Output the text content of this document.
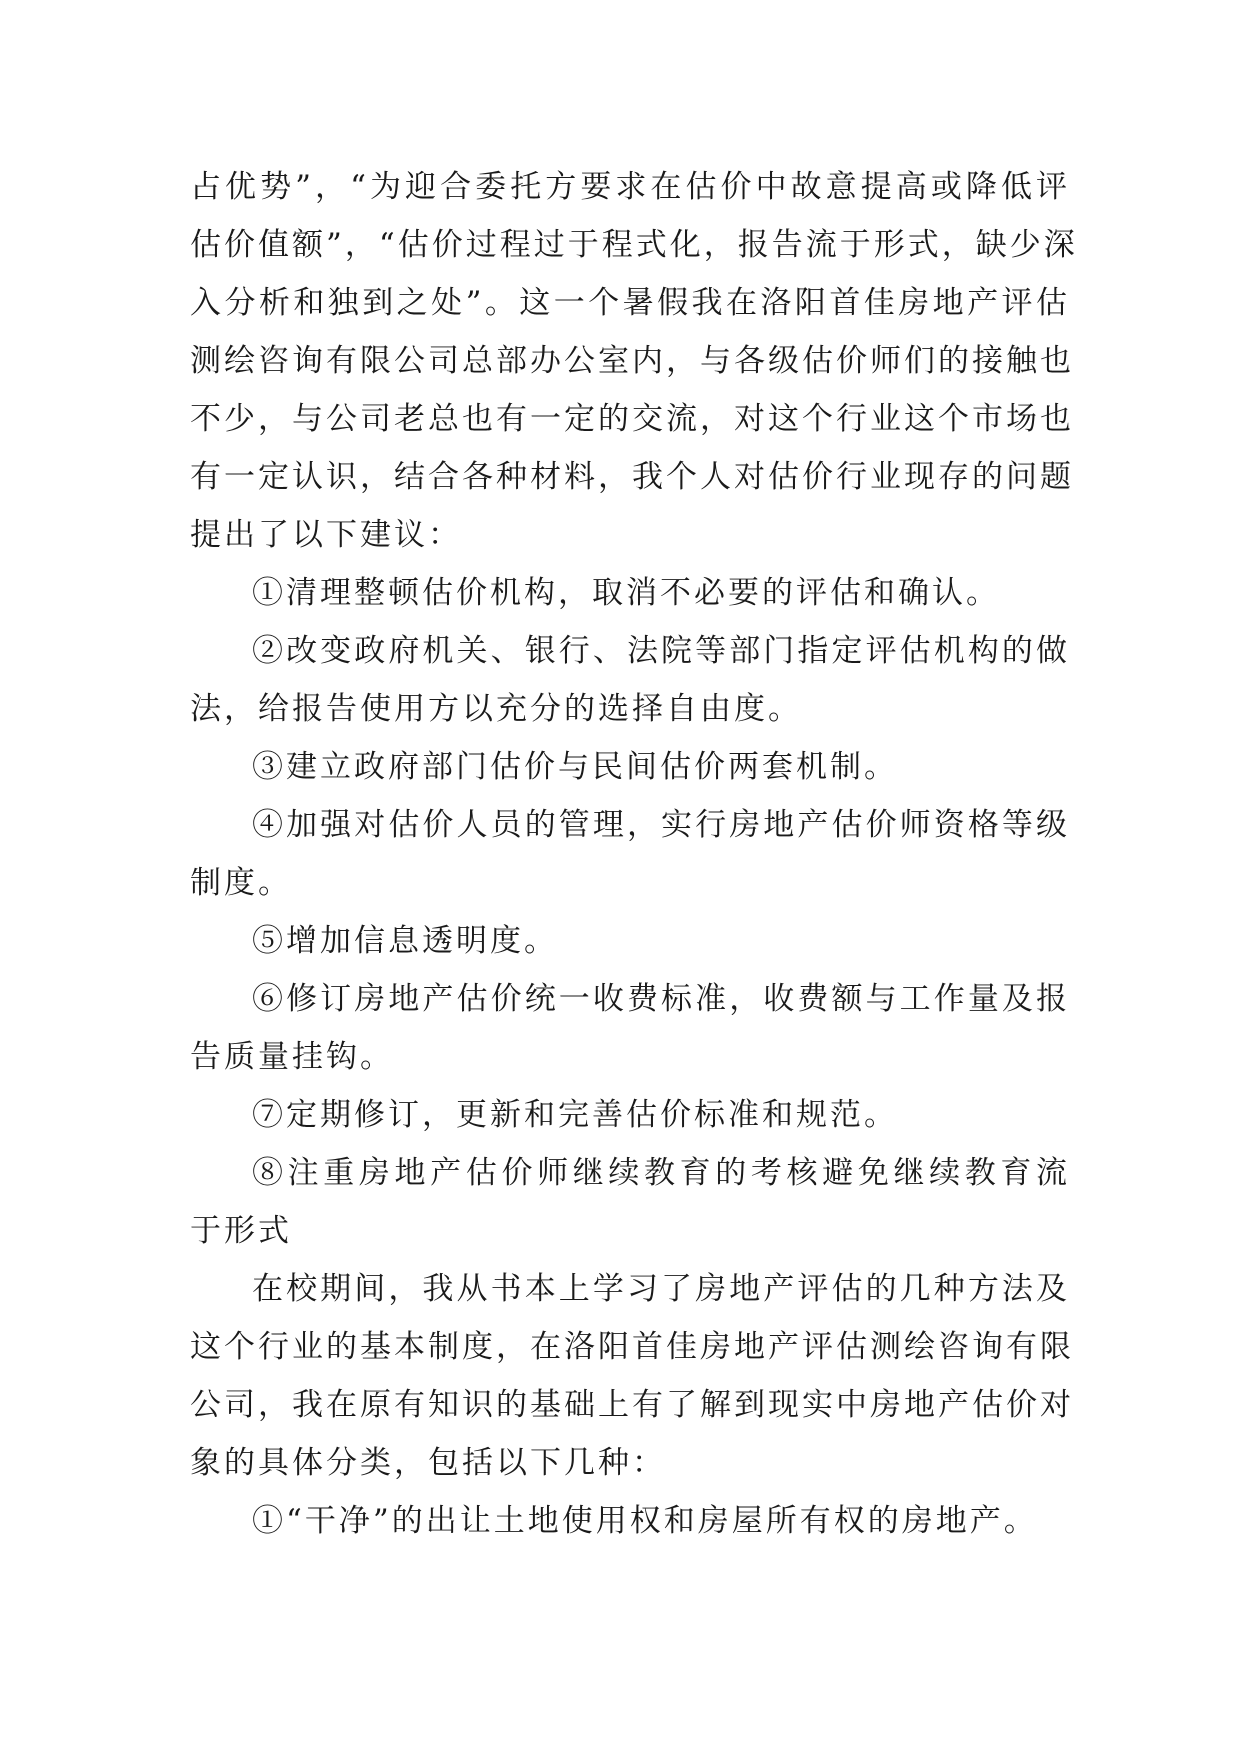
占优势”，“为迎合委托方要求在估价中故意提高或降低评
估价值额”，“估价过程过于程式化，报告流于形式，缺少深
入分析和独到之处”。这一个暑假我在洛阳首佳房地产评估
测绘咨询有限公司总部办公室内，与各级估价师们的接触也
不少，与公司老总也有一定的交流，对这个行业这个市场也
有一定认识，结合各种材料，我个人对估价行业现存的问题
提出了以下建议：
①清理整顿估价机构，取消不必要的评估和确认。
②改变政府机关、银行、法院等部门指定评估机构的做
法，给报告使用方以充分的选择自由度。
③建立政府部门估价与民间估价两套机制。
④加强对估价人员的管理，实行房地产估价师资格等级
制度。
⑤增加信息透明度。
⑥修订房地产估价统一收费标准，收费额与工作量及报
告质量挂钩。
⑦定期修订，更新和完善估价标准和规范。
⑧注重房地产估价师继续教育的考核避免继续教育流
于形式
在校期间，我从书本上学习了房地产评估的几种方法及
这个行业的基本制度，在洛阳首佳房地产评估测绘咨询有限
公司，我在原有知识的基础上有了解到现实中房地产估价对
象的具体分类，包括以下几种：
①“干净”的出让土地使用权和房屋所有权的房地产。
